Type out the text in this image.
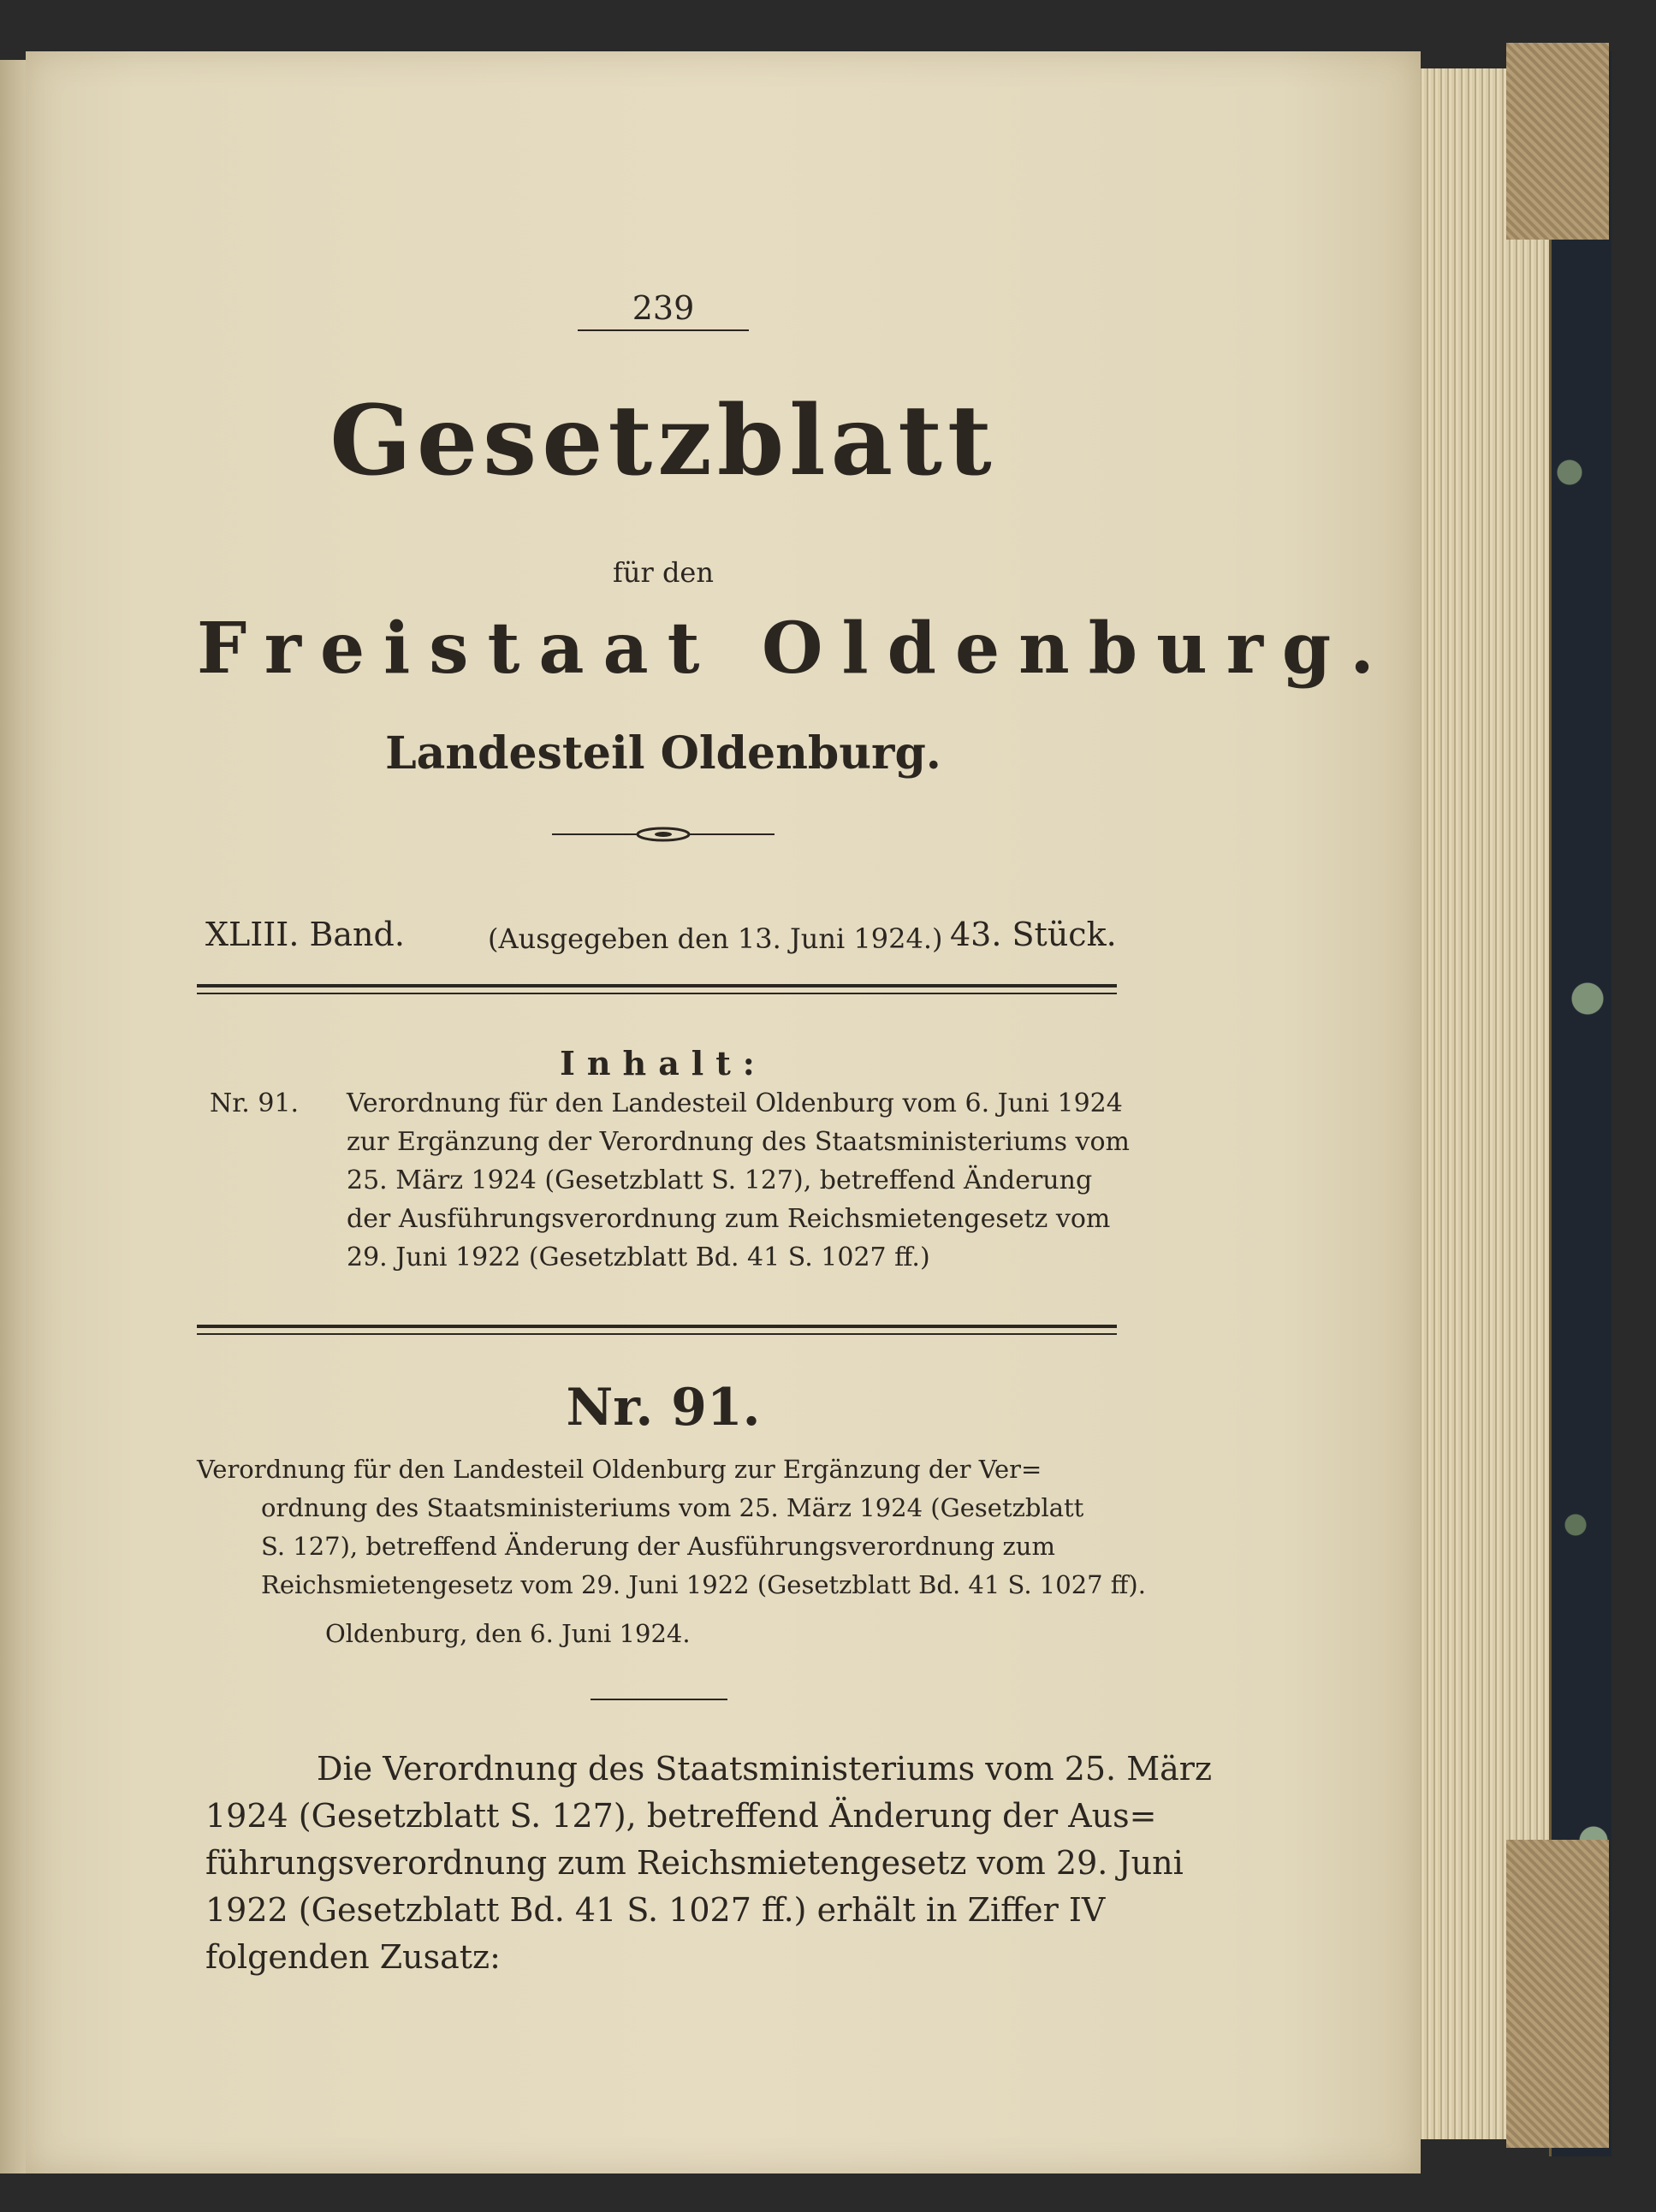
239
Gesetzblatt
für den
Freistaat Oldenburg.
Landesteil Oldenburg.
XLIII. Band.	(Ausgegeben den 13. Juni 1924.) 43. Stück.
Inhalt:
Nr. 91. Verordnung für den Landesteil Oldenburg vom 6. Juni 1924
zur Ergänzung der Verordnung des Staatsministeriums vom
25. März 1924 (Gesetzblatt S. 127), betreffend Änderung
der Ausführungsverordnung zum Reichsmietengesetz vom
29. Juni 1922 (Gesetzblatt Bd. 41 S. 1027 ff.)
Nr. 91.
Verordnung für den Landesteil Oldenburg zur Ergänzung der Ver=
ordnung des Staatsministeriums vom 25. März 1924 (Gesetzblatt
S. 127), betreffend Änderung der Ausführungsverordnung zum
Reichsmietengesetz vom 29. Juni 1922 (Gesetzblatt Bd. 41 S. 1027 ff).
Oldenburg, den 6. Juni 1924.
Die Verordnung des Staatsministeriums vom 25. März
1924 (Gesetzblatt S. 127), betreffend Änderung der Aus=
führungsverordnung zum Reichsmietengesetz vom 29. Juni
1922 (Gesetzblatt Bd. 41 S. 1027 ff.) erhält in Ziffer IV
folgenden Zusatz:
